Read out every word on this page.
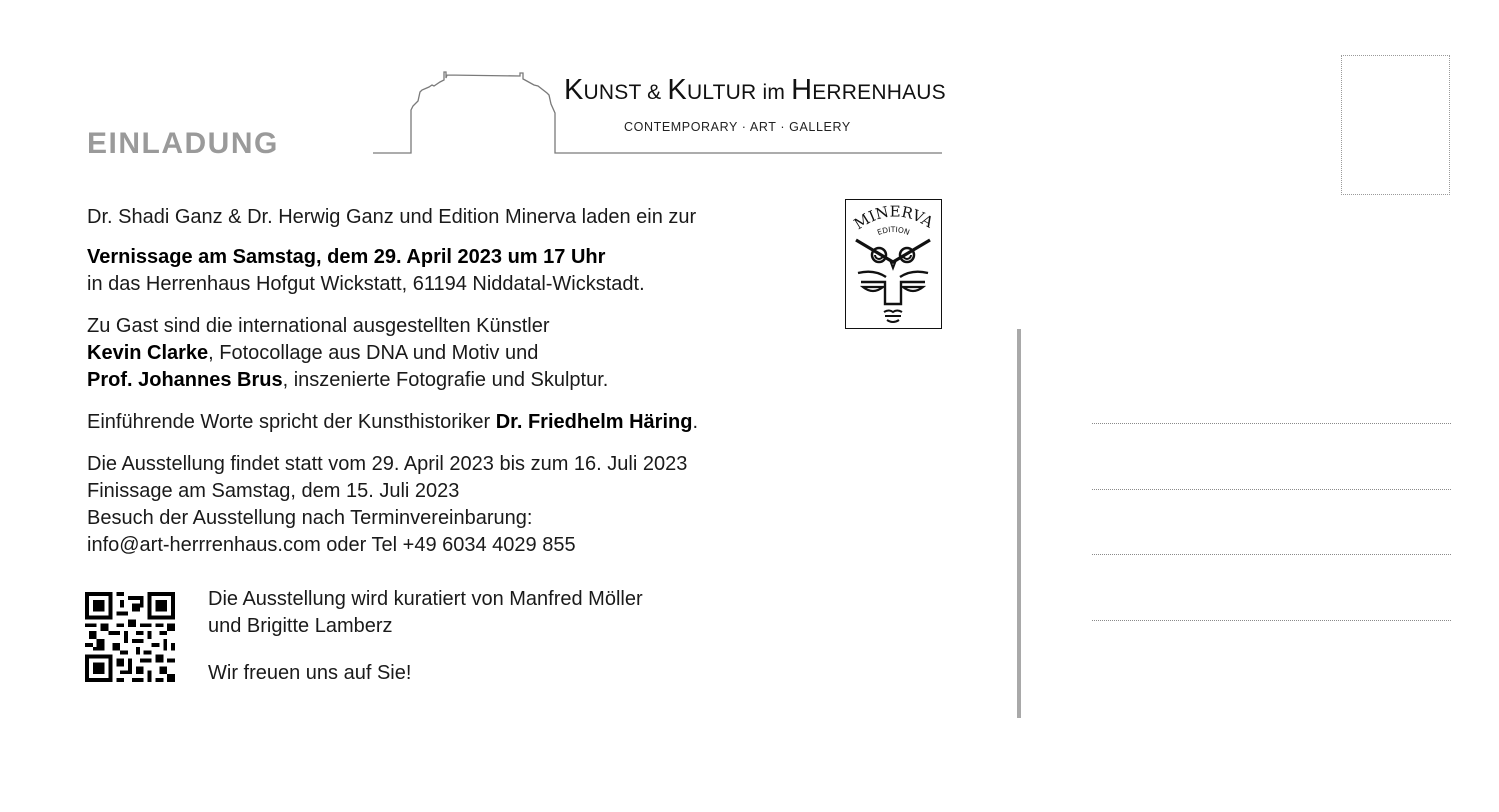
EINLADUNG
KUNST & KULTUR im HERRENHAUS
CONTEMPORARY · ART · GALLERY
MINERVA
EDITION
Dr. Shadi Ganz & Dr. Herwig Ganz und Edition Minerva laden ein zur
Vernissage am Samstag, dem 29. April 2023 um 17 Uhr
in das Herrenhaus Hofgut Wickstatt, 61194 Niddatal-Wickstadt.
Zu Gast sind die international ausgestellten Künstler
Kevin Clarke, Fotocollage aus DNA und Motiv und
Prof. Johannes Brus, inszenierte Fotografie und Skulptur.
Einführende Worte spricht der Kunsthistoriker Dr. Friedhelm Häring.
Die Ausstellung findet statt vom 29. April 2023 bis zum 16. Juli 2023
Finissage am Samstag, dem 15. Juli 2023
Besuch der Ausstellung nach Terminvereinbarung:
info@art-herrrenhaus.com oder Tel +49 6034 4029 855
Die Ausstellung wird kuratiert von Manfred Möller
und Brigitte Lamberz
Wir freuen uns auf Sie!
